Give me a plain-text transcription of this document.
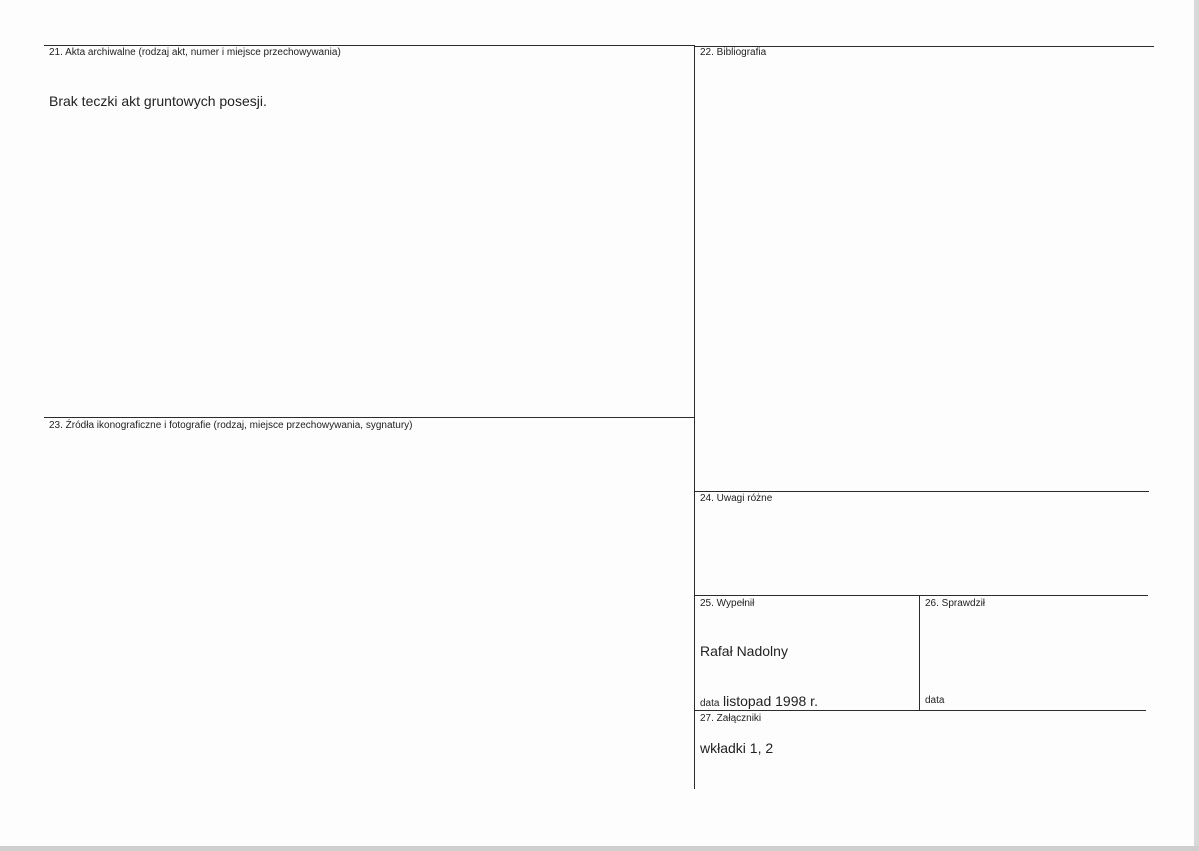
21. Akta archiwalne (rodzaj akt, numer i miejsce przechowywania)
Brak teczki akt gruntowych posesji.
22. Bibliografia
23. Źródła ikonograficzne i fotografie (rodzaj, miejsce przechowywania, sygnatury)
24. Uwagi różne
25. Wypełnił
Rafał Nadolny
data listopad 1998 r.
26. Sprawdził
data
27. Załączniki
wkładki 1, 2
